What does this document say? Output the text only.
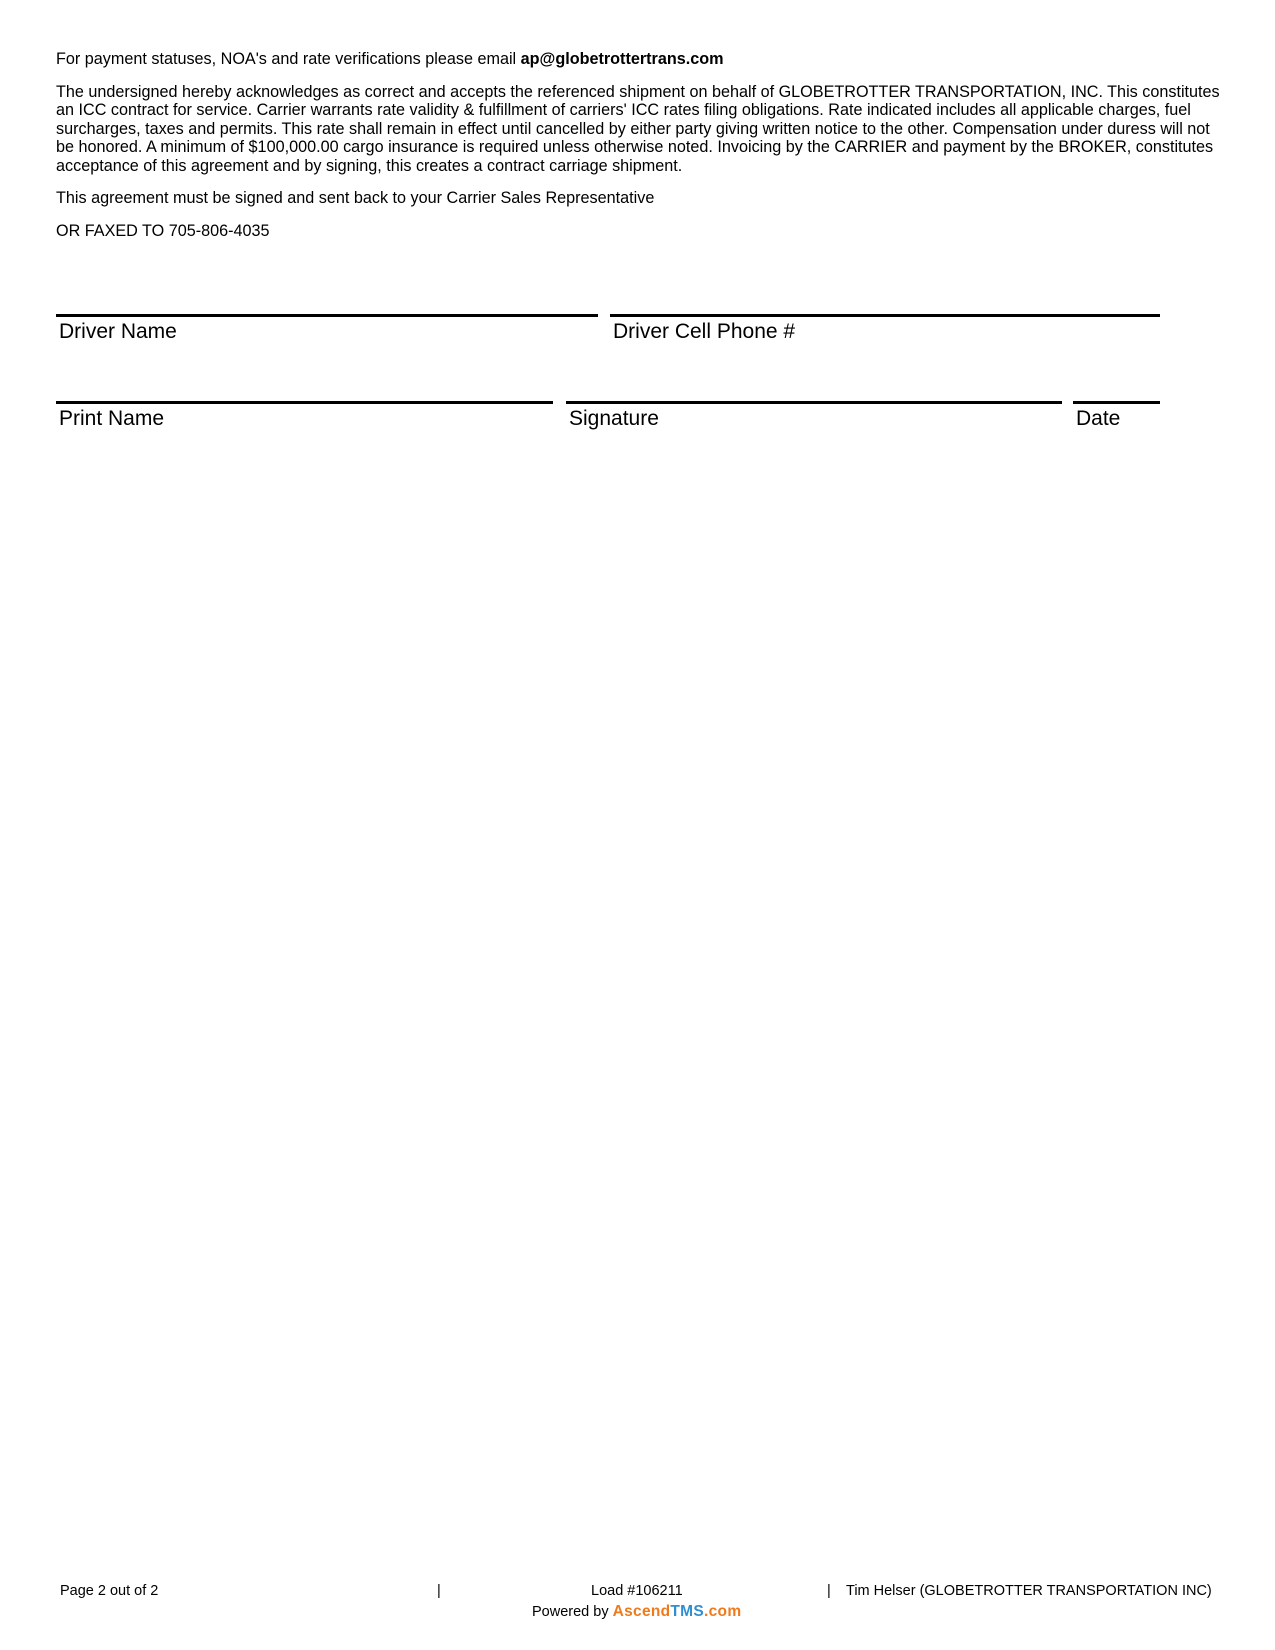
For payment statuses, NOA's and rate verifications please email ap@globetrottertrans.com

The undersigned hereby acknowledges as correct and accepts the referenced shipment on behalf of GLOBETROTTER TRANSPORTATION, INC. This constitutes an ICC contract for service. Carrier warrants rate validity & fulfillment of carriers' ICC rates filing obligations. Rate indicated includes all applicable charges, fuel surcharges, taxes and permits. This rate shall remain in effect until cancelled by either party giving written notice to the other. Compensation under duress will not be honored. A minimum of $100,000.00 cargo insurance is required unless otherwise noted. Invoicing by the CARRIER and payment by the BROKER, constitutes acceptance of this agreement and by signing, this creates a contract carriage shipment.

This agreement must be signed and sent back to your Carrier Sales Representative

OR FAXED TO 705-806-4035

Driver Name	Driver Cell Phone #
Print Name	Signature	Date
Page 2 out of 2	|	Load #106211	| Tim Helser (GLOBETROTTER TRANSPORTATION INC)
Powered by AscendTMS.com
